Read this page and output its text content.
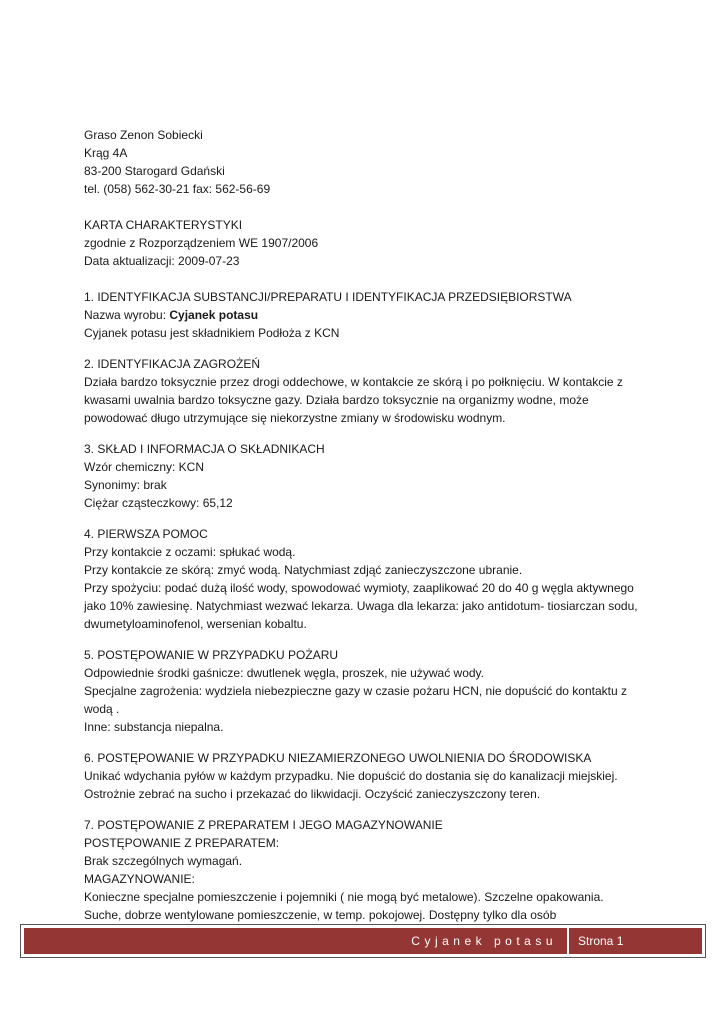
Graso Zenon Sobiecki

Krąg 4A

83-200 Starogard Gdański

tel. (058) 562-30-21 fax: 562-56-69

KARTA CHARAKTERYSTYKI

zgodnie z Rozporządzeniem WE 1907/2006

Data aktualizacji: 2009-07-23

1. IDENTYFIKACJA SUBSTANCJI/PREPARATU I IDENTYFIKACJA PRZEDSIĘBIORSTWA

Nazwa wyrobu: Cyjanek potasu

Cyjanek potasu jest składnikiem Podłoża z KCN

2. IDENTYFIKACJA ZAGROŻEŃ

Działa bardzo toksycznie przez drogi oddechowe, w kontakcie ze skórą i po połknięciu. W kontakcie z kwasami uwalnia bardzo toksyczne gazy. Działa bardzo toksycznie na organizmy wodne, może powodować długo utrzymujące się niekorzystne zmiany w środowisku wodnym.

3. SKŁAD I INFORMACJA O SKŁADNIKACH

Wzór chemiczny: KCN

Synonimy: brak

Ciężar cząsteczkowy: 65,12

4. PIERWSZA POMOC

Przy kontakcie z oczami: spłukać wodą.

Przy kontakcie ze skórą: zmyć wodą. Natychmiast zdjąć zanieczyszczone ubranie.

Przy spożyciu: podać dużą ilość wody, spowodować wymioty, zaaplikować 20 do 40 g węgla aktywnego jako 10% zawiesinę. Natychmiast wezwać lekarza. Uwaga dla lekarza: jako antidotum- tiosiarczan sodu, dwumetyloaminofenol, wersenian kobaltu.

5. POSTĘPOWANIE W PRZYPADKU POŻARU

Odpowiednie środki gaśnicze: dwutlenek węgla, proszek, nie używać wody.

Specjalne zagrożenia: wydziela niebezpieczne gazy w czasie pożaru HCN, nie dopuścić do kontaktu z wodą .

Inne: substancja niepalna.

6. POSTĘPOWANIE W PRZYPADKU NIEZAMIERZONEGO UWOLNIENIA DO ŚRODOWISKA

Unikać wdychania pyłów w każdym przypadku. Nie dopuścić do dostania się do kanalizacji miejskiej. Ostrożnie zebrać na sucho i przekazać do likwidacji. Oczyścić zanieczyszczony teren.

7. POSTĘPOWANIE Z PREPARATEM I JEGO MAGAZYNOWANIE

POSTĘPOWANIE Z PREPARATEM:

Brak szczególnych wymagań.

MAGAZYNOWANIE:

Konieczne specjalne pomieszczenie i pojemniki ( nie mogą być metalowe). Szczelne opakowania. Suche, dobrze wentylowane pomieszczenie, w temp. pokojowej. Dostępny tylko dla osób

Cyjanek potasu	Strona 1
